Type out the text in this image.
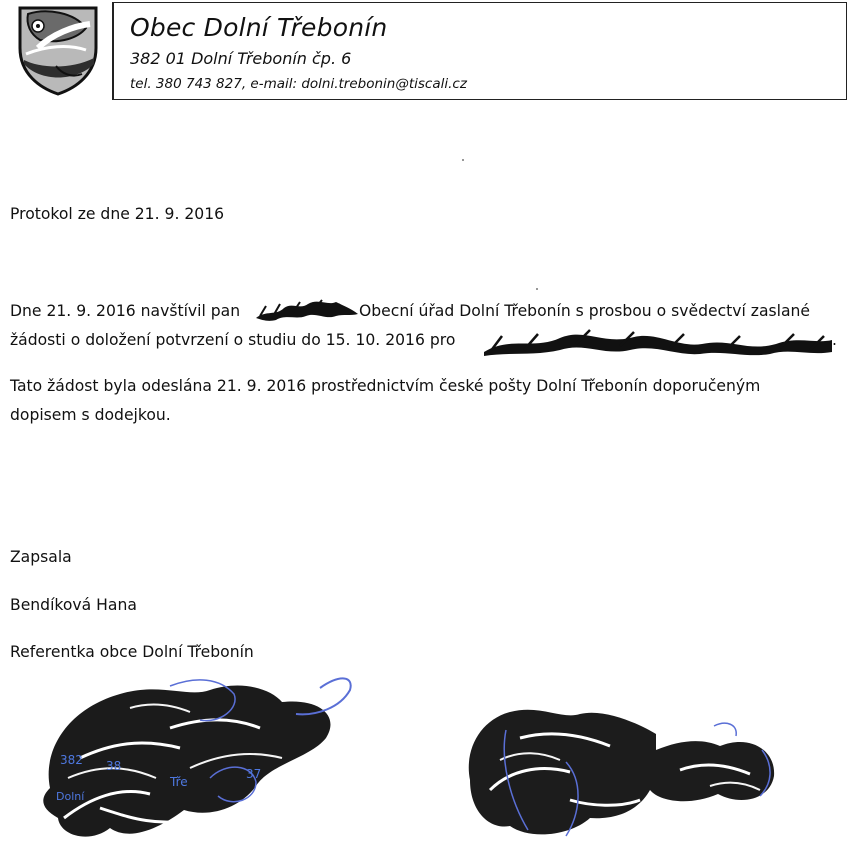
Obec Dolní Třebonín
382 01 Dolní Třebonín čp. 6
tel. 380 743 827, e-mail: dolni.trebonin@tiscali.cz
Protokol ze dne 21. 9. 2016
Dne 21. 9. 2016 navštívil pan	Obecní úřad Dolní Třebonín s prosbou o svědectví zaslané
žádosti o doložení potvrzení o studiu do 15. 10. 2016 pro	.
Tato žádost byla odeslána 21. 9. 2016 prostřednictvím české pošty Dolní Třebonín doporučeným
dopisem s dodejkou.
Zapsala
Bendíková Hana
Referentka obce Dolní Třebonín
38
Tře
Dolní
382
37
